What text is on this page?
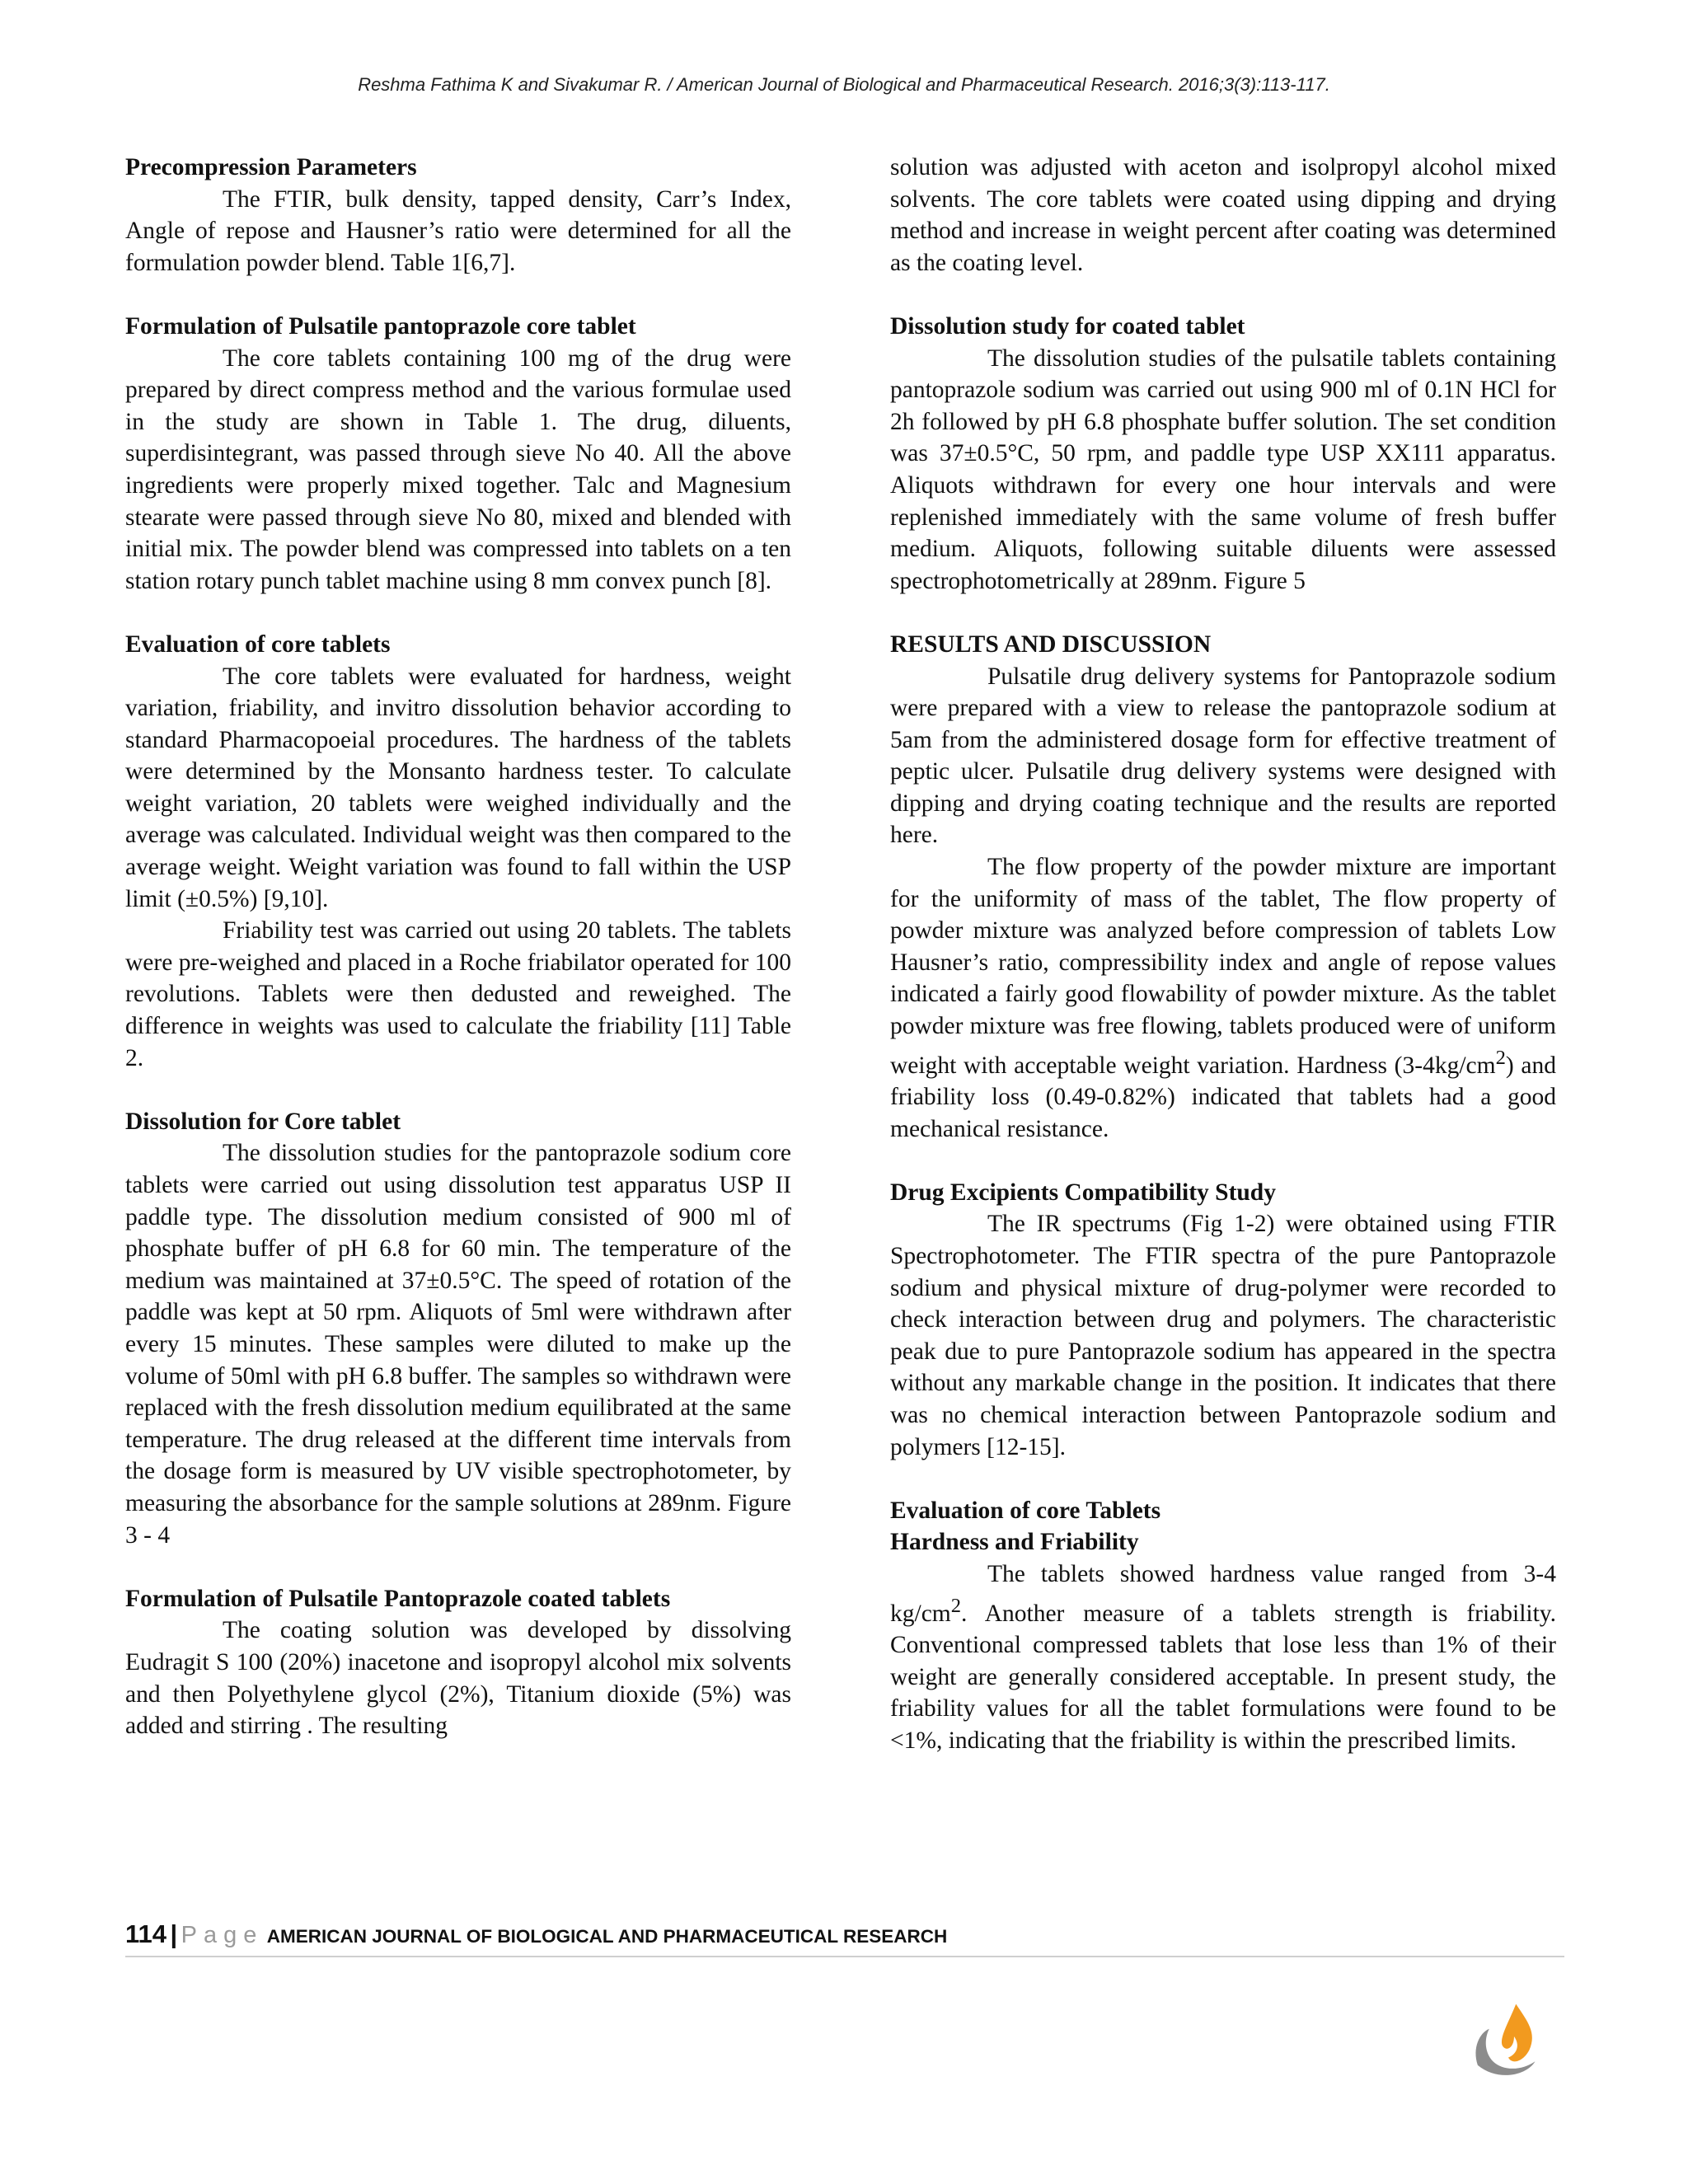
Reshma Fathima K and Sivakumar R. / American Journal of Biological and Pharmaceutical Research. 2016;3(3):113-117.

Precompression Parameters

The FTIR, bulk density, tapped density, Carr’s Index, Angle of repose and Hausner’s ratio were determined for all the formulation powder blend. Table 1[6,7].

Formulation of Pulsatile pantoprazole core tablet

The core tablets containing 100 mg of the drug were prepared by direct compress method and the various formulae used in the study are shown in Table 1. The drug, diluents, superdisintegrant, was passed through sieve No 40. All the above ingredients were properly mixed together. Talc and Magnesium stearate were passed through sieve No 80, mixed and blended with initial mix. The powder blend was compressed into tablets on a ten station rotary punch tablet machine using 8 mm convex punch [8].

Evaluation of core tablets

The core tablets were evaluated for hardness, weight variation, friability, and invitro dissolution behavior according to standard Pharmacopoeial procedures. The hardness of the tablets were determined by the Monsanto hardness tester. To calculate weight variation, 20 tablets were weighed individually and the average was calculated. Individual weight was then compared to the average weight. Weight variation was found to fall within the USP limit (±0.5%) [9,10].

Friability test was carried out using 20 tablets. The tablets were pre-weighed and placed in a Roche friabilator operated for 100 revolutions. Tablets were then dedusted and reweighed. The difference in weights was used to calculate the friability [11] Table 2.

Dissolution for Core tablet

The dissolution studies for the pantoprazole sodium core tablets were carried out using dissolution test apparatus USP II paddle type. The dissolution medium consisted of 900 ml of phosphate buffer of pH 6.8 for 60 min. The temperature of the medium was maintained at 37±0.5°C. The speed of rotation of the paddle was kept at 50 rpm. Aliquots of 5ml were withdrawn after every 15 minutes. These samples were diluted to make up the volume of 50ml with pH 6.8 buffer. The samples so withdrawn were replaced with the fresh dissolution medium equilibrated at the same temperature. The drug released at the different time intervals from the dosage form is measured by UV visible spectrophotometer, by measuring the absorbance for the sample solutions at 289nm. Figure 3 - 4

Formulation of Pulsatile Pantoprazole coated tablets

The coating solution was developed by dissolving Eudragit S 100 (20%) inacetone and isopropyl alcohol mix solvents and then Polyethylene glycol (2%), Titanium dioxide (5%) was added and stirring . The resulting

solution was adjusted with aceton and isolpropyl alcohol mixed solvents. The core tablets were coated using dipping and drying method and increase in weight percent after coating was determined as the coating level.

Dissolution study for coated tablet

The dissolution studies of the pulsatile tablets containing pantoprazole sodium was carried out using 900 ml of 0.1N HCl for 2h followed by pH 6.8 phosphate buffer solution. The set condition was 37±0.5°C, 50 rpm, and paddle type USP XX111 apparatus. Aliquots withdrawn for every one hour intervals and were replenished immediately with the same volume of fresh buffer medium. Aliquots, following suitable diluents were assessed spectrophotometrically at 289nm. Figure 5

RESULTS AND DISCUSSION

Pulsatile drug delivery systems for Pantoprazole sodium were prepared with a view to release the pantoprazole sodium at 5am from the administered dosage form for effective treatment of peptic ulcer. Pulsatile drug delivery systems were designed with dipping and drying coating technique and the results are reported here.

The flow property of the powder mixture are important for the uniformity of mass of the tablet, The flow property of powder mixture was analyzed before compression of tablets Low Hausner’s ratio, compressibility index and angle of repose values indicated a fairly good flowability of powder mixture. As the tablet powder mixture was free flowing, tablets produced were of uniform weight with acceptable weight variation. Hardness $(3-4kg/cm^2)$ and friability loss (0.49-0.82%) indicated that tablets had a good mechanical resistance.

Drug Excipients Compatibility Study

The IR spectrums (Fig 1-2) were obtained using FTIR Spectrophotometer. The FTIR spectra of the pure Pantoprazole sodium and physical mixture of drug-polymer were recorded to check interaction between drug and polymers. The characteristic peak due to pure Pantoprazole sodium has appeared in the spectra without any markable change in the position. It indicates that there was no chemical interaction between Pantoprazole sodium and polymers [12-15].

Evaluation of core Tablets

Hardness and Friability

The tablets showed hardness value ranged from 3-4 $kg/cm^2$. Another measure of a tablets strength is friability. Conventional compressed tablets that lose less than 1% of their weight are generally considered acceptable. In present study, the friability values for all the tablet formulations were found to be <1%, indicating that the friability is within the prescribed limits.

114 | Page AMERICAN JOURNAL OF BIOLOGICAL AND PHARMACEUTICAL RESEARCH
